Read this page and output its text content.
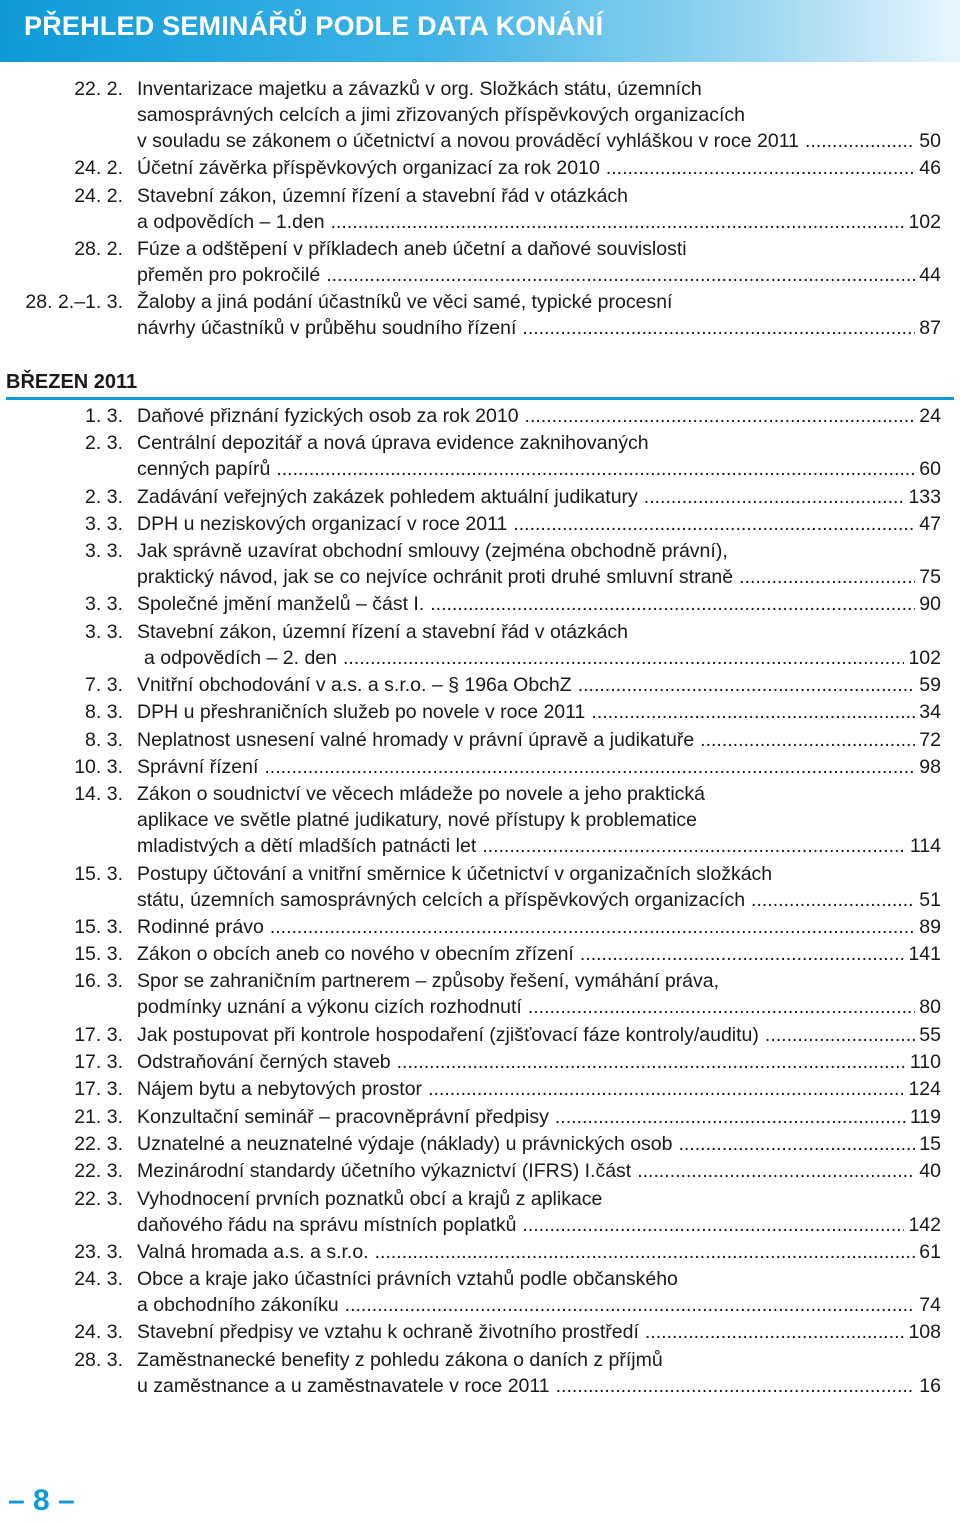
PŘEHLED SEMINÁŘŮ PODLE DATA KONÁNÍ
22. 2. Inventarizace majetku a závazků v org. Složkách státu, územních
samosprávných celcích a jimi zřizovaných příspěvkových organizacích
v souladu se zákonem o účetnictví a novou prováděcí vyhláškou v roce 2011 .....	50
24. 2. Účetní závěrka příspěvkových organizací za rok 2010 .....	46
24. 2. Stavební zákon, územní řízení a stavební řád v otázkách
a odpovědích – 1.den .....	102
28. 2. Fúze a odštěpení v příkladech aneb účetní a daňové souvislosti
přeměn pro pokročilé .....	44
28. 2.–1. 3. Žaloby a jiná podání účastníků ve věci samé, typické procesní
návrhy účastníků v průběhu soudního řízení .....	87
BŘEZEN 2011
1. 3. Daňové přiznání fyzických osob za rok 2010 .....	24
2. 3. Centrální depozitář a nová úprava evidence zaknihovaných
cenných papírů .....	60
2. 3. Zadávání veřejných zakázek pohledem aktuální judikatury .....	133
3. 3. DPH u neziskových organizací v roce 2011 .....	47
3. 3. Jak správně uzavírat obchodní smlouvy (zejména obchodně právní),
praktický návod, jak se co nejvíce ochránit proti druhé smluvní straně .....	75
3. 3. Společné jmění manželů – část I. .....	90
3. 3. Stavební zákon, územní řízení a stavební řád v otázkách
a odpovědích – 2. den .....	102
7. 3. Vnitřní obchodování v a.s. a s.r.o. – § 196a ObchZ .....	59
8. 3. DPH u přeshraničních služeb po novele v roce 2011 .....	34
8. 3. Neplatnost usnesení valné hromady v právní úpravě a judikatuře .....	72
10. 3. Správní řízení .....	98
14. 3. Zákon o soudnictví ve věcech mládeže po novele a jeho praktická
aplikace ve světle platné judikatury, nové přístupy k problematice
mladistvých a dětí mladších patnácti let .....	114
15. 3. Postupy účtování a vnitřní směrnice k účetnictví v organizačních složkách
státu, územních samosprávných celcích a příspěvkových organizacích .....	51
15. 3. Rodinné právo .....	89
15. 3. Zákon o obcích aneb co nového v obecním zřízení .....	141
16. 3. Spor se zahraničním partnerem – způsoby řešení, vymáhání práva,
podmínky uznání a výkonu cizích rozhodnutí .....	80
17. 3. Jak postupovat při kontrole hospodaření (zjišťovací fáze kontroly/auditu) .....	55
17. 3. Odstraňování černých staveb .....	110
17. 3. Nájem bytu a nebytových prostor .....	124
21. 3. Konzultační seminář – pracovněprávní předpisy .....	119
22. 3. Uznatelné a neuznatelné výdaje (náklady) u právnických osob .....	15
22. 3. Mezinárodní standardy účetního výkaznictví (IFRS) I.část .....	40
22. 3. Vyhodnocení prvních poznatků obcí a krajů z aplikace
daňového řádu na správu místních poplatků .....	142
23. 3. Valná hromada a.s. a s.r.o. .....	61
24. 3. Obce a kraje jako účastníci právních vztahů podle občanského
a obchodního zákoníku .....	74
24. 3. Stavební předpisy ve vztahu k ochraně životního prostředí .....	108
28. 3. Zaměstnanecké benefity z pohledu zákona o daních z příjmů
u zaměstnance a u zaměstnavatele v roce 2011 .....	16
– 8 –
